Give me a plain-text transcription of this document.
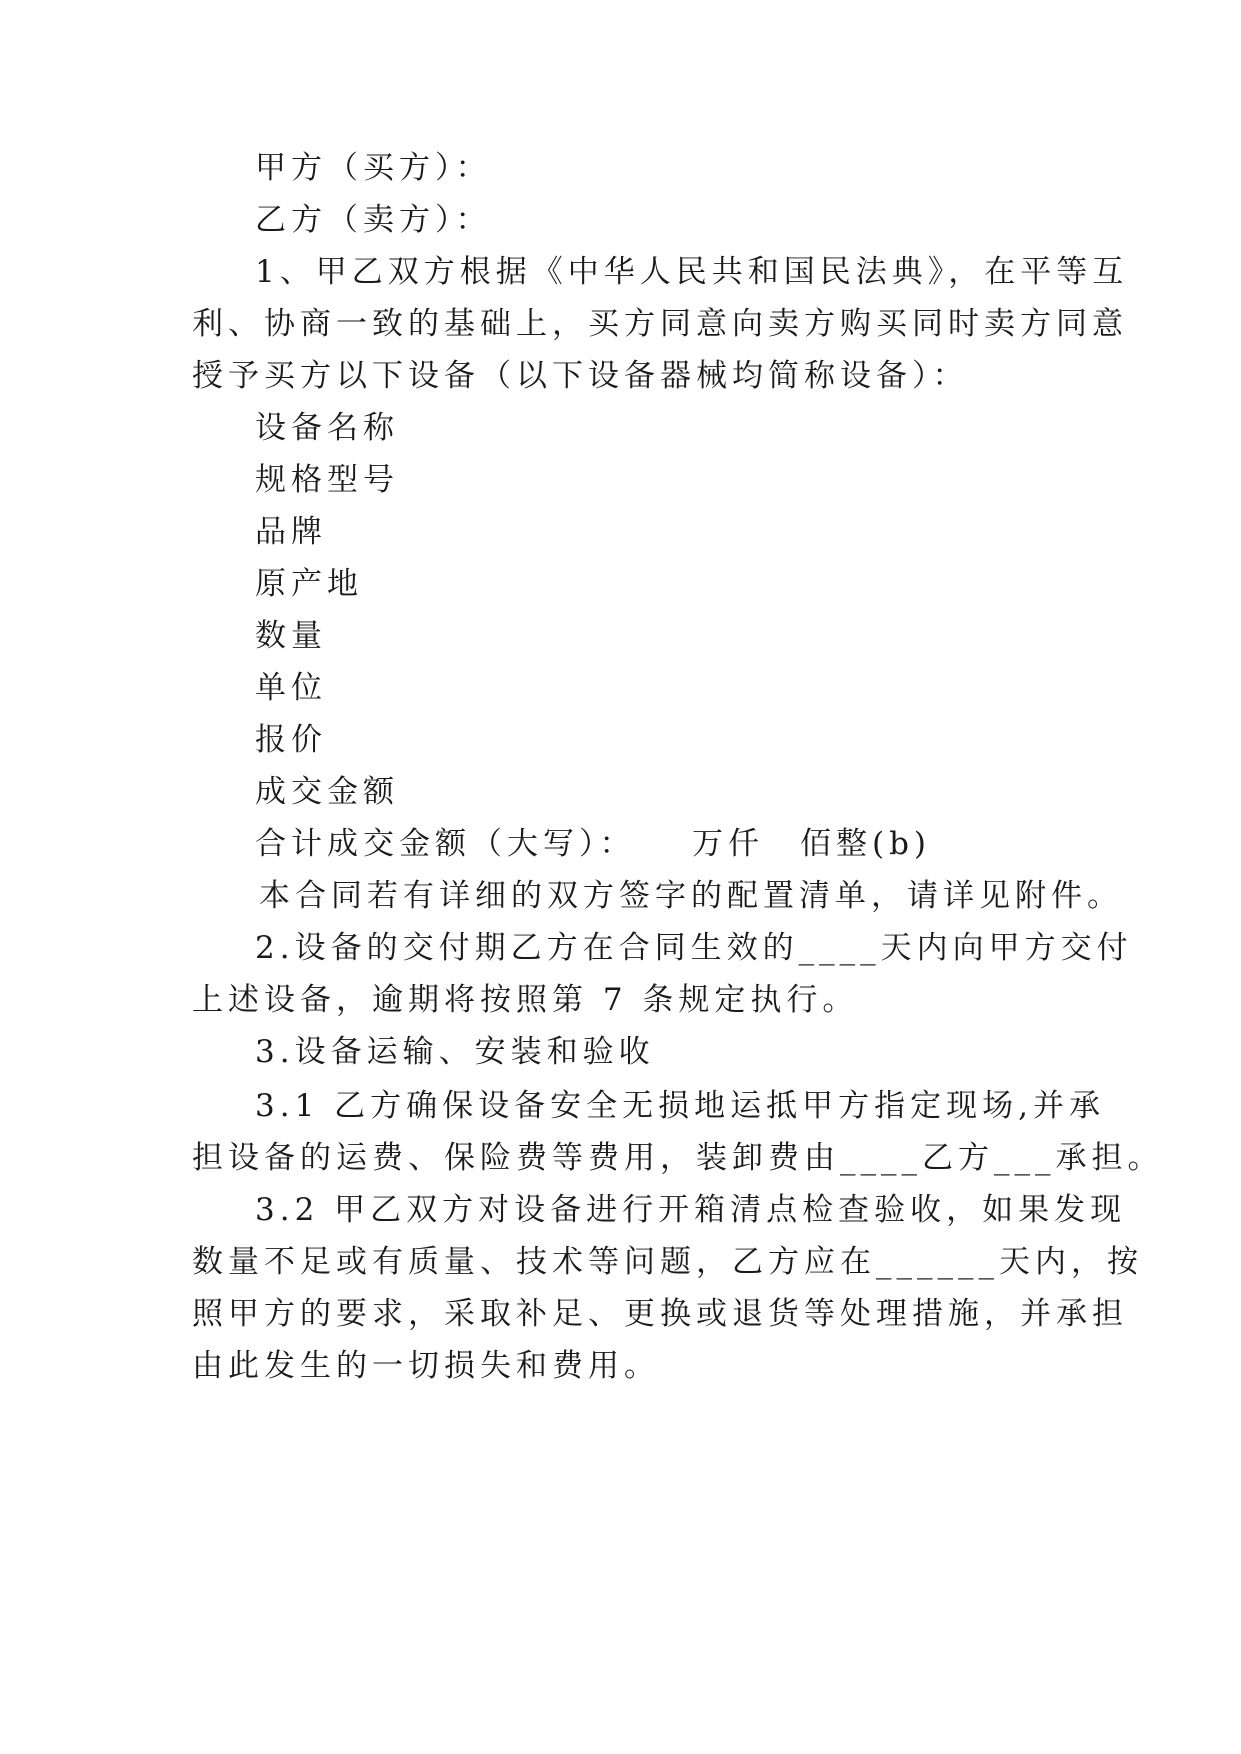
甲方（买方）：
乙方（卖方）：
1、甲乙双方根据《中华人民共和国民法典》，在平等互
利、协商一致的基础上，买方同意向卖方购买同时卖方同意
授予买方以下设备（以下设备器械均简称设备）：
设备名称
规格型号
品牌
原产地
数量
单位
报价
成交金额
合计成交金额（大写）：　　万仟　佰整(b)
本合同若有详细的双方签字的配置清单，请详见附件。
2.设备的交付期乙方在合同生效的____天内向甲方交付
上述设备，逾期将按照第 7 条规定执行。
3.设备运输、安装和验收
3.1 乙方确保设备安全无损地运抵甲方指定现场,并承
担设备的运费、保险费等费用，装卸费由____乙方___承担。
3.2 甲乙双方对设备进行开箱清点检查验收，如果发现
数量不足或有质量、技术等问题，乙方应在______天内，按
照甲方的要求，采取补足、更换或退货等处理措施，并承担
由此发生的一切损失和费用。
